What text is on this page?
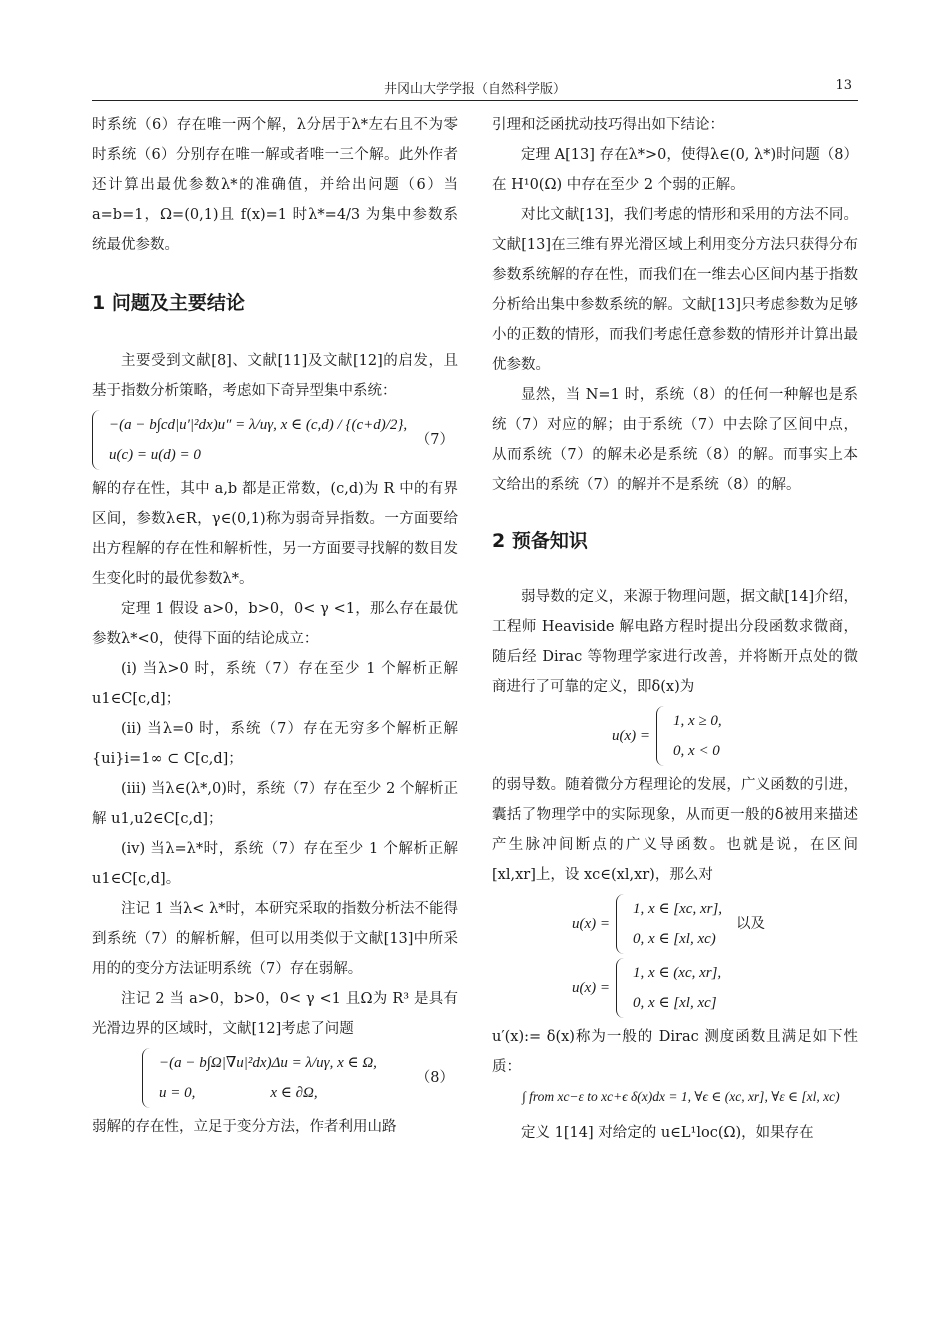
井冈山大学学报（自然科学版）	13

时系统（6）存在唯一两个解，λ分居于λ*左右且不为零时系统（6）分别存在唯一解或者唯一三个解。此外作者还计算出最优参数λ*的准确值，并给出问题（6）当 a=b=1，Ω=(0,1)且 f(x)=1 时λ*=4/3 为集中参数系统最优参数。

1 问题及主要结论

主要受到文献[8]、文献[11]及文献[12]的启发，且基于指数分析策略，考虑如下奇异型集中系统：

−(a − b∫cd|u′|²dx)u″ = λ/uγ, x ∈ (c,d) / {(c+d)/2},
u(c) = u(d) = 0
（7）

解的存在性，其中 a,b 都是正常数，(c,d)为 R 中的有界区间，参数λ∈R，γ∈(0,1)称为弱奇异指数。一方面要给出方程解的存在性和解析性，另一方面要寻找解的数目发生变化时的最优参数λ*。

定理 1 假设 a>0，b>0，0< γ <1，那么存在最优参数λ*<0，使得下面的结论成立：

(i) 当λ>0 时，系统（7）存在至少 1 个解析正解 u1∈C[c,d]；

(ii) 当λ=0 时，系统（7）存在无穷多个解析正解 {ui}i=1∞ ⊂ C[c,d]；

(iii) 当λ∈(λ*,0)时，系统（7）存在至少 2 个解析正解 u1,u2∈C[c,d]；

(iv) 当λ=λ*时，系统（7）存在至少 1 个解析正解 u1∈C[c,d]。

注记 1 当λ< λ*时，本研究采取的指数分析法不能得到系统（7）的解析解，但可以用类似于文献[13]中所采用的的变分方法证明系统（7）存在弱解。

注记 2 当 a>0，b>0，0< γ <1 且Ω为 R³ 是具有光滑边界的区域时，文献[12]考虑了问题

−(a − b∫Ω|∇u|²dx)Δu = λ/uγ, x ∈ Ω,
u = 0,                    x ∈ ∂Ω,
（8）

弱解的存在性，立足于变分方法，作者利用山路

引理和泛函扰动技巧得出如下结论：

定理 A[13] 存在λ*>0，使得λ∈(0, λ*)时问题（8）在 H¹0(Ω) 中存在至少 2 个弱的正解。

对比文献[13]，我们考虑的情形和采用的方法不同。文献[13]在三维有界光滑区域上利用变分方法只获得分布参数系统解的存在性，而我们在一维去心区间内基于指数分析给出集中参数系统的解。文献[13]只考虑参数为足够小的正数的情形，而我们考虑任意参数的情形并计算出最优参数。

显然，当 N=1 时，系统（8）的任何一种解也是系统（7）对应的解；由于系统（7）中去除了区间中点，从而系统（7）的解未必是系统（8）的解。而事实上本文给出的系统（7）的解并不是系统（8）的解。

2 预备知识

弱导数的定义，来源于物理问题，据文献[14]介绍，工程师 Heaviside 解电路方程时提出分段函数求微商，随后经 Dirac 等物理学家进行改善，并将断开点处的微商进行了可靠的定义，即δ(x)为

u(x) =
1, x ≥ 0,
0, x < 0

的弱导数。随着微分方程理论的发展，广义函数的引进，囊括了物理学中的实际现象，从而更一般的δ被用来描述产生脉冲间断点的广义导函数。也就是说，在区间 [xl,xr]上，设 xc∈(xl,xr)，那么对

u(x) =
1, x ∈ [xc, xr],
0, x ∈ [xl, xc)
以及
u(x) =
1, x ∈ (xc, xr],
0, x ∈ [xl, xc]

u′(x):= δ(x)称为一般的 Dirac 测度函数且满足如下性质：

∫ from xc−ε to xc+ϵ δ(x)dx = 1, ∀ϵ ∈ (xc, xr], ∀ε ∈ [xl, xc)

定义 1[14] 对给定的 u∈L¹loc(Ω)，如果存在
